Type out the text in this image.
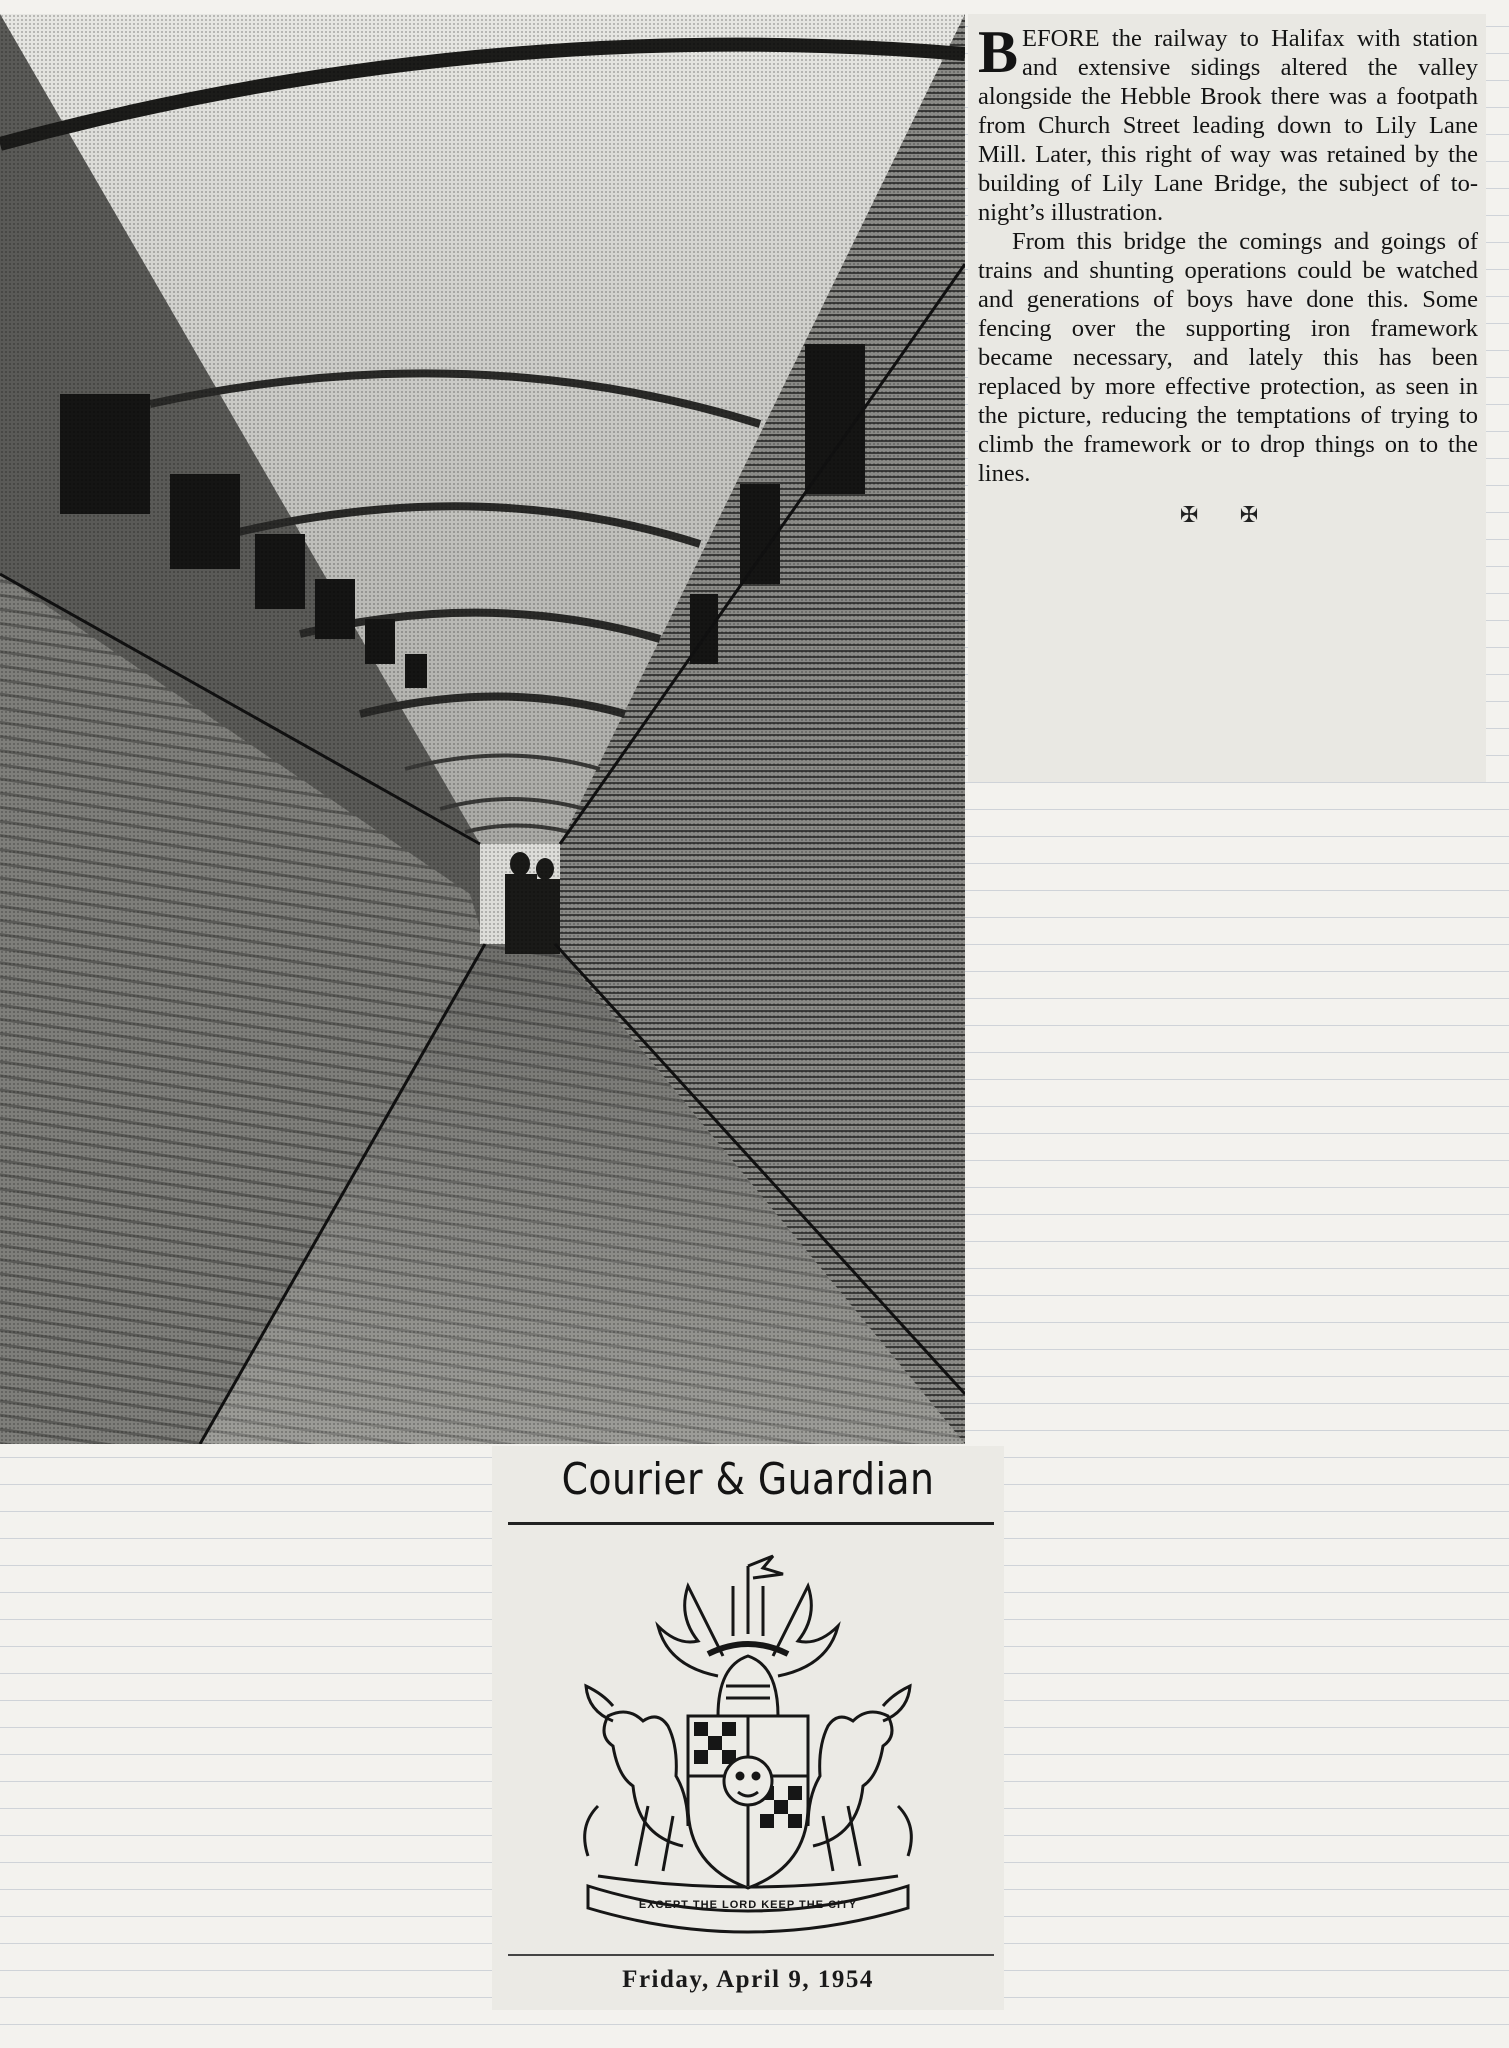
BEFORE the railway to Halifax with station and extensive sidings altered the valley alongside the Hebble Brook there was a footpath from Church Street leading down to Lily Lane Mill. Later, this right of way was retained by the building of Lily Lane Bridge, the subject of to-night’s illustration.

From this bridge the comings and goings of trains and shunting operations could be watched and generations of boys have done this. Some fencing over the supporting iron framework became necessary, and lately this has been replaced by more effective protection, as seen in the picture, reducing the temptations of trying to climb the framework or to drop things on to the lines.

✠ ✠
Courier & Guardian
EXCEPT THE LORD KEEP THE CITY
Friday, April 9, 1954
